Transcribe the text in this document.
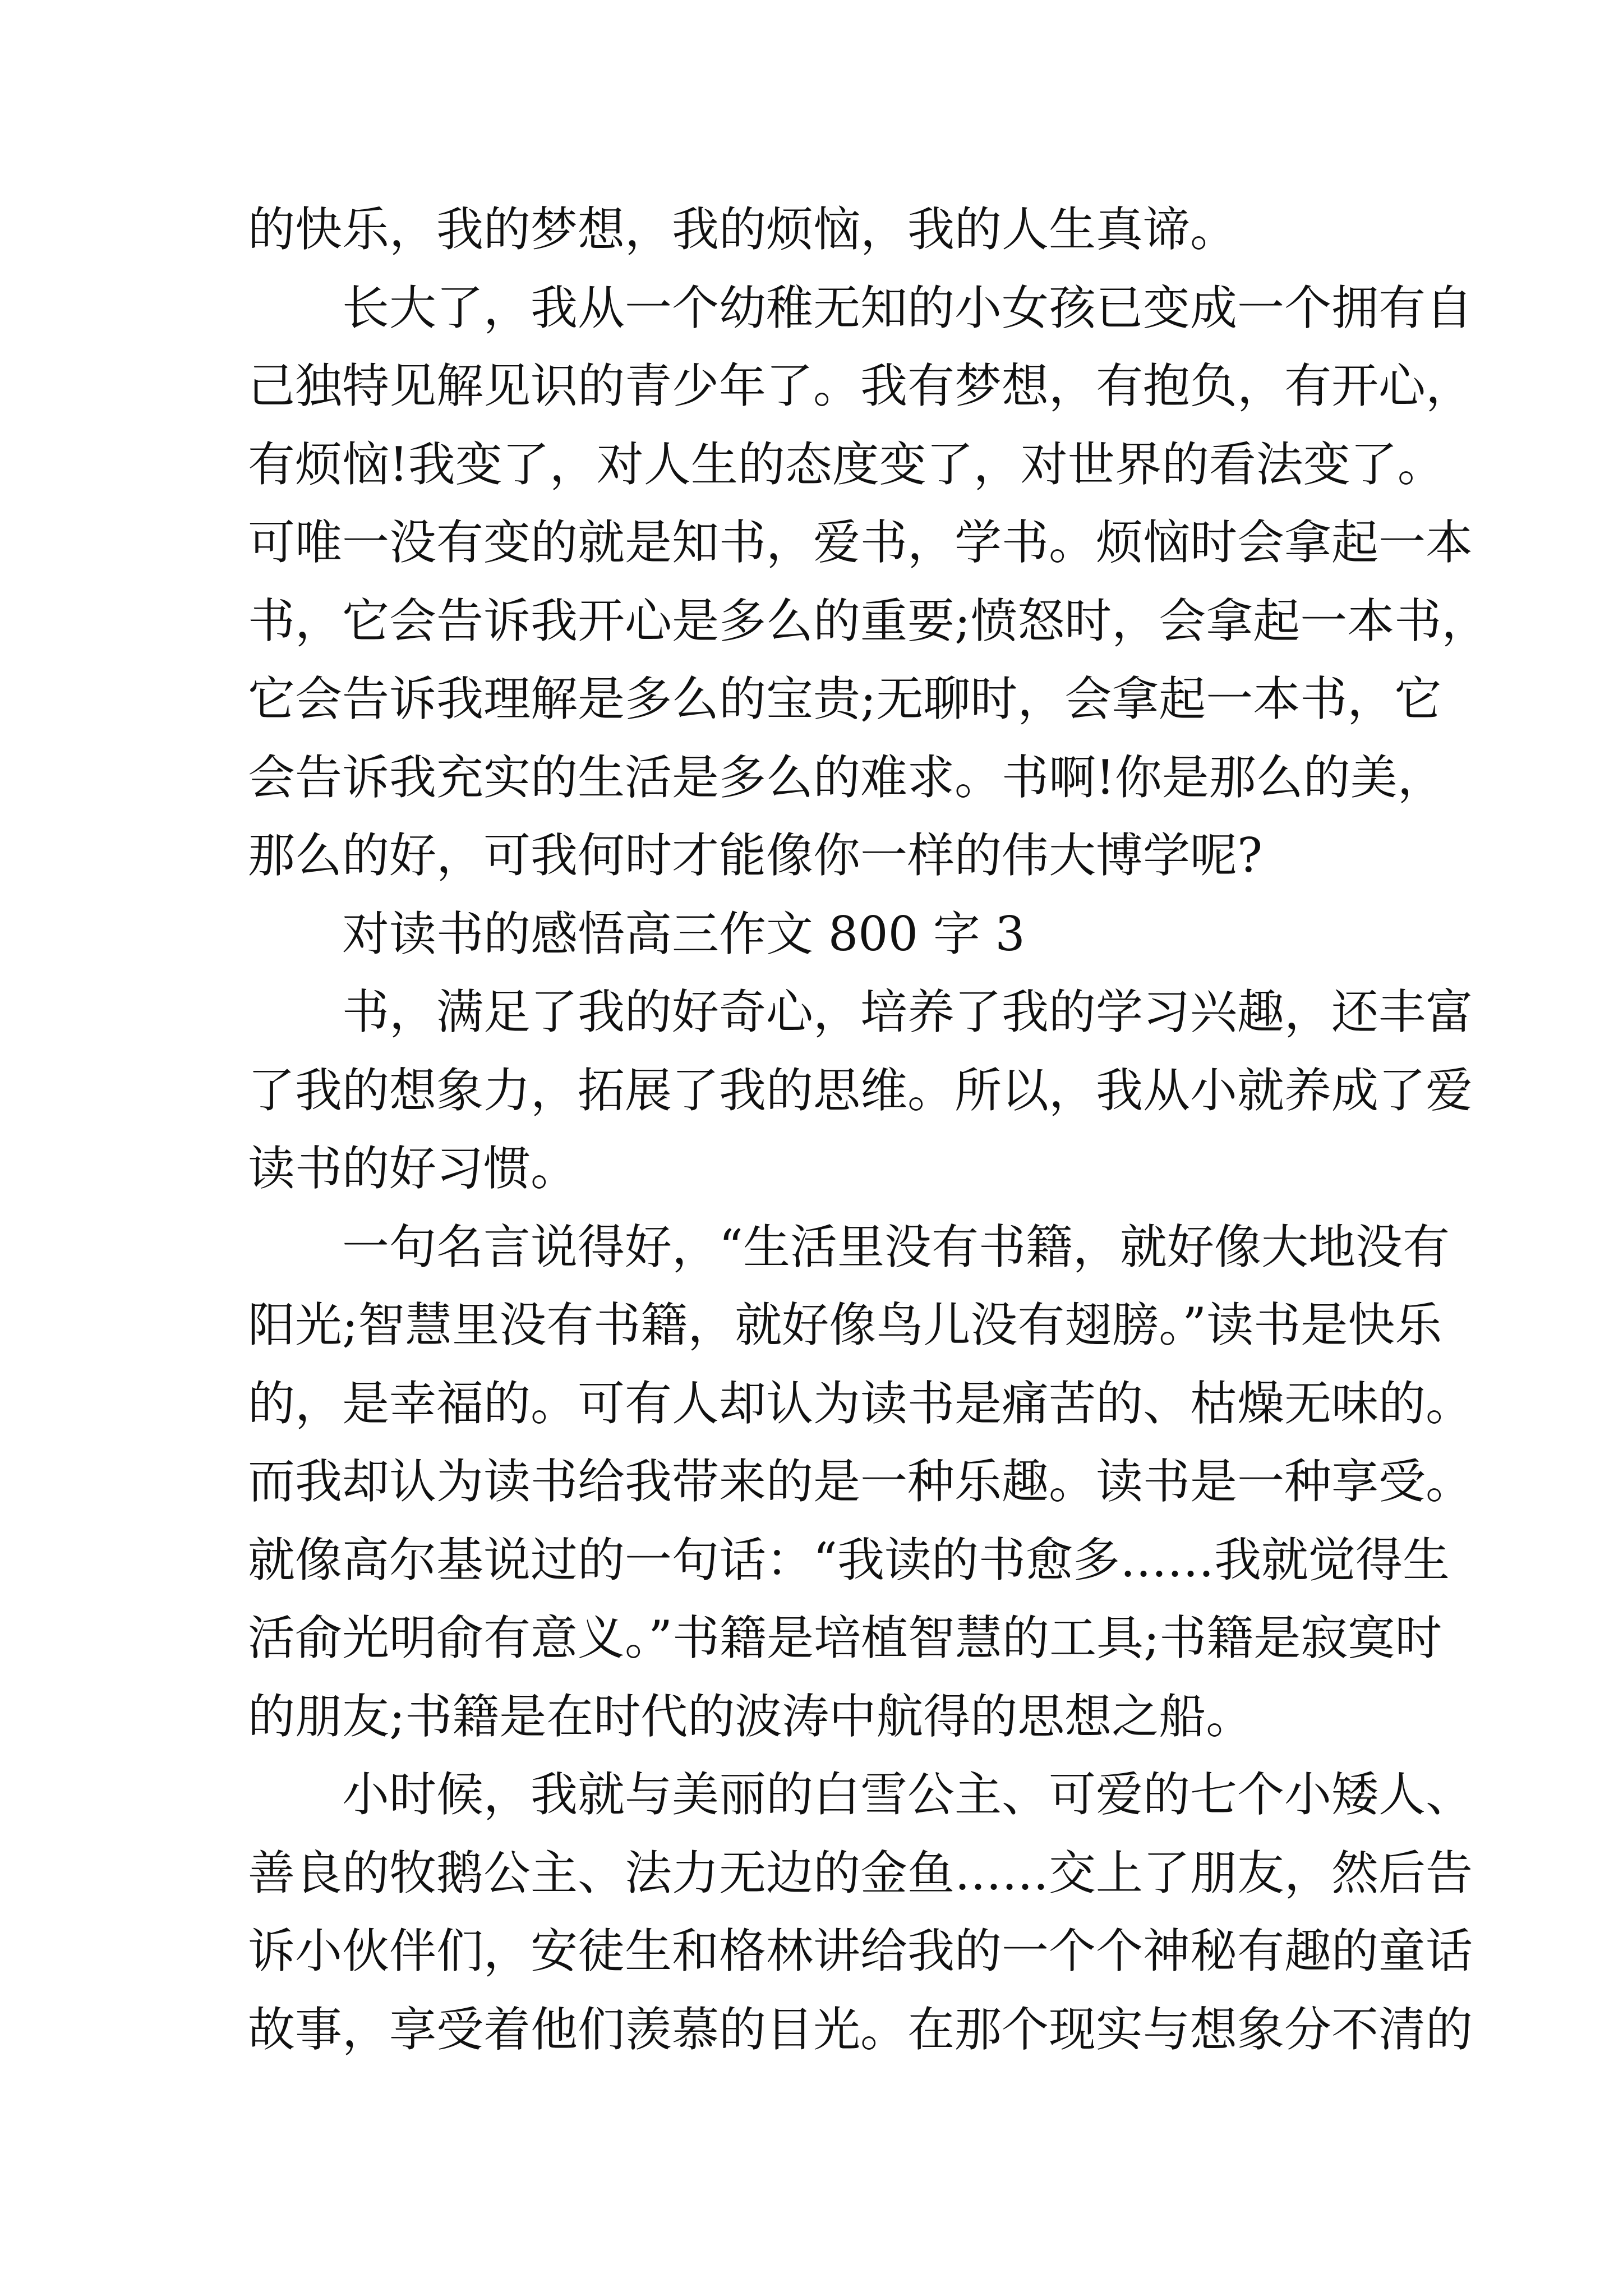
的快乐，我的梦想，我的烦恼，我的人生真谛。
长大了，我从一个幼稚无知的小女孩已变成一个拥有自
己独特见解见识的青少年了。我有梦想，有抱负，有开心，
有烦恼!我变了，对人生的态度变了，对世界的看法变了。
可唯一没有变的就是知书，爱书，学书。烦恼时会拿起一本
书，它会告诉我开心是多么的重要;愤怒时，会拿起一本书，
它会告诉我理解是多么的宝贵;无聊时，会拿起一本书，它
会告诉我充实的生活是多么的难求。书啊!你是那么的美，
那么的好，可我何时才能像你一样的伟大博学呢?
对读书的感悟高三作文 800 字 3
书，满足了我的好奇心，培养了我的学习兴趣，还丰富
了我的想象力，拓展了我的思维。所以，我从小就养成了爱
读书的好习惯。
一句名言说得好，“生活里没有书籍，就好像大地没有
阳光;智慧里没有书籍，就好像鸟儿没有翅膀。”读书是快乐
的，是幸福的。可有人却认为读书是痛苦的、枯燥无味的。
而我却认为读书给我带来的是一种乐趣。读书是一种享受。
就像高尔基说过的一句话：“我读的书愈多……我就觉得生
活俞光明俞有意义。”书籍是培植智慧的工具;书籍是寂寞时
的朋友;书籍是在时代的波涛中航得的思想之船。
小时候，我就与美丽的白雪公主、可爱的七个小矮人、
善良的牧鹅公主、法力无边的金鱼……交上了朋友，然后告
诉小伙伴们，安徒生和格林讲给我的一个个神秘有趣的童话
故事，享受着他们羡慕的目光。在那个现实与想象分不清的
